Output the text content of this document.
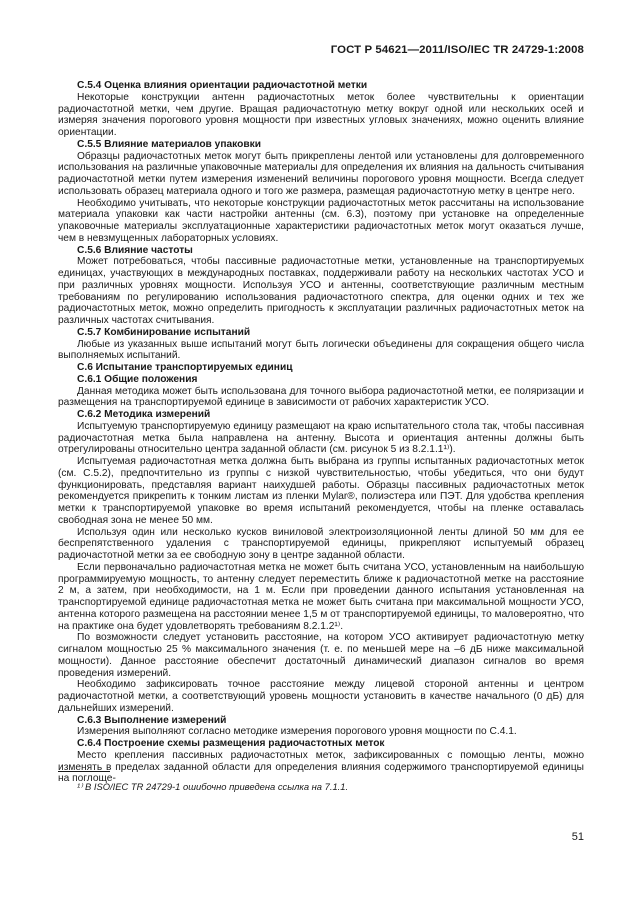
ГОСТ Р 54621—2011/ISO/IEC TR 24729-1:2008

С.5.4 Оценка влияния ориентации радиочастотной метки

Некоторые конструкции антенн радиочастотных меток более чувствительны к ориентации радиочастотной метки, чем другие. Вращая радиочастотную метку вокруг одной или нескольких осей и измеряя значения порогового уровня мощности при известных угловых значениях, можно оценить влияние ориентации.

С.5.5 Влияние материалов упаковки

Образцы радиочастотных меток могут быть прикреплены лентой или установлены для долговременного использования на различные упаковочные материалы для определения их влияния на дальность считывания радиочастотной метки путем измерения изменений величины порогового уровня мощности. Всегда следует использовать образец материала одного и того же размера, размещая радиочастотную метку в центре него.

Необходимо учитывать, что некоторые конструкции радиочастотных меток рассчитаны на использование материала упаковки как части настройки антенны (см. 6.3), поэтому при установке на определенные упаковочные материалы эксплуатационные характеристики радиочастотных меток могут оказаться лучше, чем в невзмущенных лабораторных условиях.

С.5.6 Влияние частоты

Может потребоваться, чтобы пассивные радиочастотные метки, установленные на транспортируемых единицах, участвующих в международных поставках, поддерживали работу на нескольких частотах УСО и при различных уровнях мощности. Используя УСО и антенны, соответствующие различным местным требованиям по регулированию использования радиочастотного спектра, для оценки одних и тех же радиочастотных меток, можно определить пригодность к эксплуатации различных радиочастотных меток на различных частотах считывания.

С.5.7 Комбинирование испытаний

Любые из указанных выше испытаний могут быть логически объединены для сокращения общего числа выполняемых испытаний.

С.6 Испытание транспортируемых единиц

С.6.1 Общие положения

Данная методика может быть использована для точного выбора радиочастотной метки, ее поляризации и размещения на транспортируемой единице в зависимости от рабочих характеристик УСО.

С.6.2 Методика измерений

Испытуемую транспортируемую единицу размещают на краю испытательного стола так, чтобы пассивная радиочастотная метка была направлена на антенну. Высота и ориентация антенны должны быть отрегулированы относительно центра заданной области (см. рисунок 5 из 8.2.1.1¹⁾).

Испытуемая радиочастотная метка должна быть выбрана из группы испытанных радиочастотных меток (см. С.5.2), предпочтительно из группы с низкой чувствительностью, чтобы убедиться, что они будут функционировать, представляя вариант наихудшей работы. Образцы пассивных радиочастотных меток рекомендуется прикрепить к тонким листам из пленки Mylar®, полиэстера или ПЭТ. Для удобства крепления метки к транспортируемой упаковке во время испытаний рекомендуется, чтобы на пленке оставалась свободная зона не менее 50 мм.

Используя один или несколько кусков виниловой электроизоляционной ленты длиной 50 мм для ее беспрепятственного удаления с транспортируемой единицы, прикрепляют испытуемый образец радиочастотной метки за ее свободную зону в центре заданной области.

Если первоначально радиочастотная метка не может быть считана УСО, установленным на наибольшую программируемую мощность, то антенну следует переместить ближе к радиочастотной метке на расстояние 2 м, а затем, при необходимости, на 1 м. Если при проведении данного испытания установленная на транспортируемой единице радиочастотная метка не может быть считана при максимальной мощности УСО, антенна которого размещена на расстоянии менее 1,5 м от транспортируемой единицы, то маловероятно, что на практике она будет удовлетворять требованиям 8.2.1.2¹⁾.

По возможности следует установить расстояние, на котором УСО активирует радиочастотную метку сигналом мощностью 25 % максимального значения (т. е. по меньшей мере на –6 дБ ниже максимальной мощности). Данное расстояние обеспечит достаточный динамический диапазон сигналов во время проведения измерений.

Необходимо зафиксировать точное расстояние между лицевой стороной антенны и центром радиочастотной метки, а соответствующий уровень мощности установить в качестве начального (0 дБ) для дальнейших измерений.

С.6.3 Выполнение измерений

Измерения выполняют согласно методике измерения порогового уровня мощности по С.4.1.

С.6.4 Построение схемы размещения радиочастотных меток

Место крепления пассивных радиочастотных меток, зафиксированных с помощью ленты, можно изменять в пределах заданной области для определения влияния содержимого транспортируемой единицы на поглоще-

¹⁾ В ISO/IEC TR 24729-1 ошибочно приведена ссылка на 7.1.1.
51
